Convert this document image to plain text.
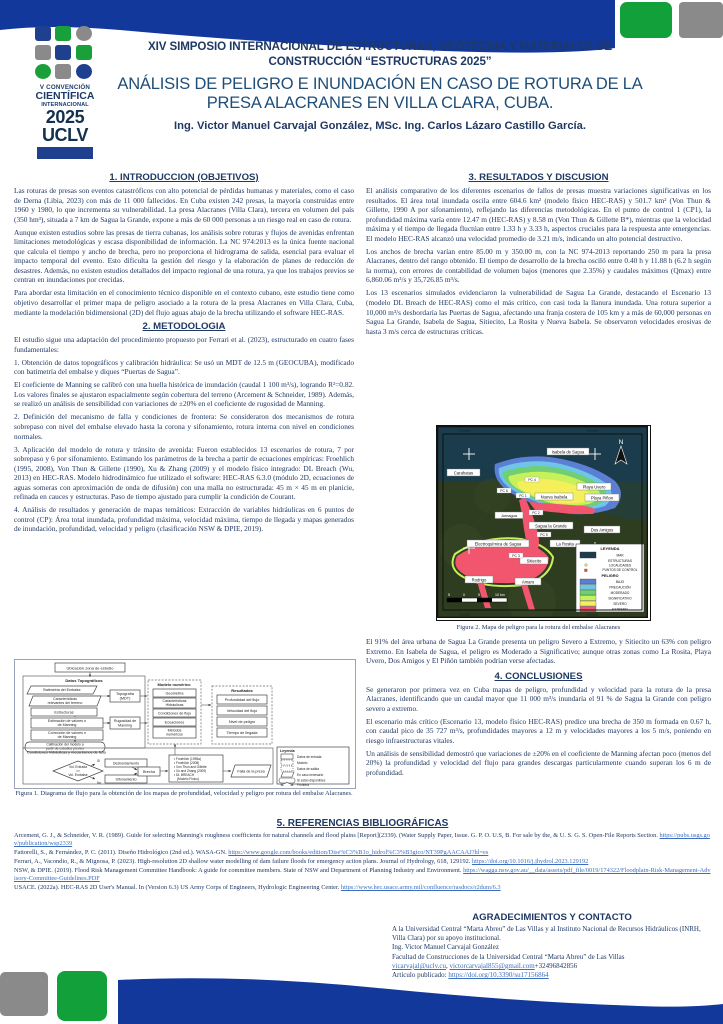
V CONVENCIÓN
CIENTÍFICA
INTERNACIONAL
2025
UCLV
XIV SIMPOSIO INTERNACIONAL DE ESTRUCTURAS, GEOTECNIA Y MATERIALES DE CONSTRUCCIÓN “ESTRUCTURAS 2025”
ANÁLISIS DE PELIGRO E INUNDACIÓN EN CASO DE ROTURA DE LA PRESA ALACRANES EN VILLA CLARA, CUBA.
Ing. Victor Manuel Carvajal González, MSc. Ing. Carlos Lázaro Castillo García.
1. INTRODUCCION (OBJETIVOS)

Las roturas de presas son eventos catastróficos con alto potencial de pérdidas humanas y materiales, como el caso de Derna (Libia, 2023) con más de 11 000 fallecidos. En Cuba existen 242 presas, la mayoría construidas entre 1960 y 1980, lo que incrementa su vulnerabilidad. La presa Alacranes (Villa Clara), tercera en volumen del país (350 hm³), situada a 7 km de Sagua la Grande, expone a más de 60 000 personas a un riesgo real en caso de rotura.

Aunque existen estudios sobre las presas de tierra cubanas, los análisis sobre roturas y flujos de avenidas enfrentan limitaciones metodológicas y escasa disponibilidad de información. La NC 974:2013 es la única fuente nacional que calcula el tiempo y ancho de brecha, pero no proporciona el hidrograma de salida, esencial para evaluar el impacto temporal del evento. Esto dificulta la gestión del riesgo y la elaboración de planes de reducción de desastres. Además, no existen estudios detallados del impacto regional de una rotura, ya que los trabajos previos se centran en inundaciones por crecidas.

Para abordar esta limitación en el conocimiento técnico disponible en el contexto cubano, este estudio tiene como objetivo desarrollar el primer mapa de peligro asociado a la rotura de la presa Alacranes en Villa Clara, Cuba, mediante la modelación bidimensional (2D) del flujo aguas abajo de la brecha utilizando el software HEC-RAS.

2. METODOLOGIA

El estudio sigue una adaptación del procedimiento propuesto por Ferrari et al. (2023), estructurado en cuatro fases fundamentales:

1. Obtención de datos topográficos y calibración hidráulica: Se usó un MDT de 12.5 m (GEOCUBA), modificado con batimetría del embalse y diques “Puertas de Sagua”.

El coeficiente de Manning se calibró con una huella histórica de inundación (caudal 1 100 m³/s), logrando R²=0.82. Los valores finales se ajustaron espacialmente según cobertura del terreno (Arcement & Schneider, 1989). Además, se realizó un análisis de sensibilidad con variaciones de ±20% en el coeficiente de rugosidad de Manning.

2. Definición del mecanismo de falla y condiciones de frontera: Se consideraron dos mecanismos de rotura sobrepaso con nivel del embalse elevado hasta la corona y sifonamiento, rotura interna con nivel en condiciones normales.

3. Aplicación del modelo de rotura y tránsito de avenida: Fueron establecidos 13 escenarios de rotura, 7 por sobrepaso y 6 por sifonamiento. Estimando los parámetros de la brecha a partir de ecuaciones empíricas: Froehlich (1995, 2008), Von Thun & Gillette (1990), Xu & Zhang (2009) y el modelo físico integrado: DL Breach (Wu, 2013) en HEC-RAS. Modelo hidrodinámico fue utilizado el software: HEC-RAS 6.3.0 (módulo 2D, ecuaciones de aguas someras con aproximación de onda de difusión) con una malla no estructurada: 45 m × 45 m en planicie, refinada en cauces y estructuras. Paso de tiempo ajustado para cumplir la condición de Courant.

4. Análisis de resultados y generación de mapas temáticos: Extracción de variables hidráulicas en 6 puntos de control (CP): Área total inundada, profundidad máxima, velocidad máxima, tiempo de llegada y mapas generados de inundación, profundidad, velocidad y peligro (clasificación NSW & DPIE, 2019).

Ubicación zona de estudio
Datos Topográficos
Batimetría del Embalse
Características
relevantes del terreno
Estructuras
Topografía
(MDT)
Estimación de valores n
de Manning
Corrección de valores n
de Manning
Calibración del modelo a
partir de estudios previos
Rugosidad de
Manning
Modelo numérico
Geometría
Características
Hidráulicas
Condiciones de flujo
Ecuaciones
Métodos
numéricos
Resultados
Profundidad del flujo
Velocidad del flujo
Nivel de peligro
Tiempo de llegada
Condiciones hidráulicas y mecanismos de falla
Vol. Entrada
>>
Vol. Embalse
Sí
No
Desbordamiento
Sifonamiento
Brecha
• Froehlich (1995a)
• Froehlich (2008)
• Von Thun and Gillette
• Xu and Zhang (2009)
• DL BREACH
(Modelo Físico)
Falla de la presa
Leyenda
Datos de entrada
Modelo
Datos de salida
En caso necesario
Si están disponibles
Frontera
Figura 1. Diagrama de flujo para la obtención de los mapas de profundidad, velocidad y peligro por rotura del embalse Alacranes.
3. RESULTADOS Y DISCUSION

El análisis comparativo de los diferentes escenarios de fallos de presas muestra variaciones significativas en los resultados. El área total inundada oscila entre 604.6 km² (modelo físico HEC-RAS) y 501.7 km² (Von Thun & Gillette, 1990 A por sifonamiento), reflejando las diferencias metodológicas. En el punto de control 1 (CP1), la profundidad máxima varía entre 12.47 m (HEC-RAS) y 8.58 m (Von Thun & Gillette B*), mientras que la velocidad máxima y el tiempo de llegada fluctúan entre 1.33 h y 3.33 h, aspectos cruciales para la respuesta ante emergencias. El modelo HEC-RAS alcanzó una velocidad promedio de 3.21 m/s, indicando un alto potencial destructivo.

Los anchos de brecha varían entre 85.00 m y 350.00 m, con la NC 974-2013 reportando 250 m para la presa Alacranes, dentro del rango obtenido. El tiempo de desarrollo de la brecha osciló entre 0.40 h y 11.88 h (6.2 h según la norma), con errores de contabilidad de volumen bajos (menores que 2.35%) y caudales máximos (Qmax) entre 6,860.06 m³/s y 35,726.85 m³/s.

Los 13 escenarios simulados evidenciaron la vulnerabilidad de Sagua La Grande, destacando el Escenario 13 (modelo DL Breach de HEC-RAS) como el más crítico, con casi toda la llanura inundada. Una rotura superior a 10,000 m³/s desbordaría las Puertas de Sagua, afectando una franja costera de 105 km y a más de 60,000 personas en Sagua La Grande, Isabela de Sagua, Sitiecito, La Rosita y Nueva Isabela. Se observaron velocidades erosivas de hasta 3 m/s cerca de estructuras críticas.

N
Carahatas
Isabela de Sagua
Playa Uvero
Playa Piñon
Nueva Isabela
Jumagua
Sagua la Grande
Dos Amigos
Electroquímica de Sagua	La Rosita
Sitiecito
Rodrigo	Amaro
PC 4
PC 6
PC 1
PC 2
PC 5
PC 3
5	0	5	10 km
574000	614000
574000	614000
LEYENDA
MAR
ESTRUCTURAS
LOCALIDADES
PUNTOS DE CONTROL
PELIGRO
BAJO
PRECAUCIÓN
MODERADO
SIGNIFICATIVO
SEVERO
EXTREMO
Figura 2. Mapa de peligro para la rotura del embalse Alacranes

El 91% del área urbana de Sagua La Grande presenta un peligro Severo a Extremo, y Sitiecito un 63% con peligro Extremo. En Isabela de Sagua, el peligro es Moderado a Significativo; aunque otras zonas como La Rosita, Playa Uvero, Dos Amigos y El Piñón también podrían verse afectadas.

4. CONCLUSIONES

Se generaron por primera vez en Cuba mapas de peligro, profundidad y velocidad para la rotura de la presa Alacranes, identificando que un caudal mayor que 11 000 m³/s inundaría el 91 % de Sagua la Grande con peligro severo a extremo.

El escenario más crítico (Escenario 13, modelo físico HEC-RAS) predice una brecha de 350 m formada en 0.67 h, con caudal pico de 35 727 m³/s, profundidades mayores a 12 m y velocidades mayores a los 5 m/s, poniendo en riesgo infraestructuras vitales.

Un análisis de sensibilidad demostró que variaciones de ±20% en el coeficiente de Manning afectan poco (menos del 20%) la profundidad y velocidad del flujo para grandes descargas particularmente cuando superan los 6 m de profundidad.

5. REFERENCIAS BIBLIOGRÁFICAS

Arcement, G. J., & Schneider, V. R. (1989). Guide for selecting Manning's roughness coefficients for natural channels and flood plains [Report](2339). (Water Supply Paper, Issue. G. P. O. U.S, B. For sale by the, & U. S. G. S. Open-File Reports Section. https://pubs.usgs.gov/publication/wsp2339

Fattorelli, S., & Fernández, P. C. (2011). Diseño Hidrológico (2nd ed.). WASA-GN. https://www.google.com/books/edition/Dise%C3%B1o_hidrol%C3%B3gico/NT39PgAACAAJ?hl=es

Ferrari, A., Vacondio, R., & Mignosa, P. (2023). High-resolution 2D shallow water modelling of dam failure floods for emergency action plans. Journal of Hydrology, 618, 129192. https://doi.org/10.1016/j.jhydrol.2023.129192

NSW, & DPIE. (2019). Flood Risk Management Committee Handbook: A guide for committee members. State of NSW and Department of Planning Industry and Environment. https://wagga.nsw.gov.au/__data/assets/pdf_file/0019/174322/Floodplain-Risk-Management-Advisory-Committee-Guidelines.PDF

USACE. (2022a). HEC-RAS 2D User's Manual. In (Version 6.3) US Army Corps of Engineers, Hydrologic Engineering Center. https://www.hec.usace.army.mil/confluence/rasdocs/r2dum/6.3

AGRADECIMIENTOS Y CONTACTO

A la Universidad Central “Marta Abreu” de Las Villas y al Instituto Nacional de Recursos Hidráulicos (INRH, Villa Clara) por su apoyo institucional.

Ing. Victor Manuel Carvajal González

Facultad de Construcciones de la Universidad Central “Marta Abreu” de Las Villas

vicarvajal@uclv.cu, victorcarvajal855@gmail.com+32496842856

Artículo publicado: https://doi.org/10.3390/su17156864
